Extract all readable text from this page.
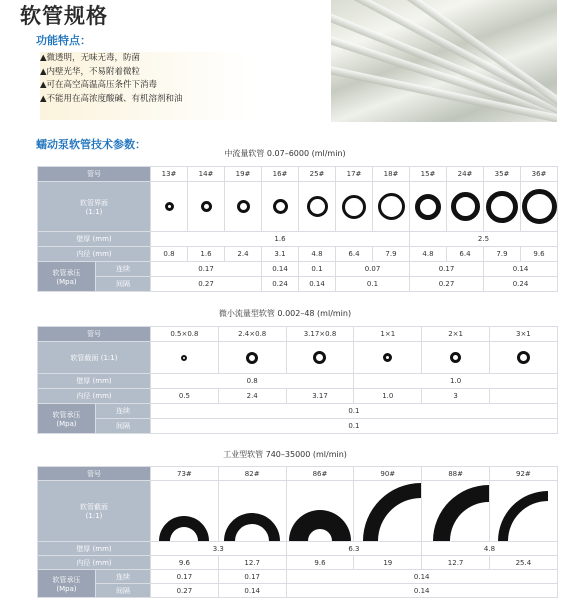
软管规格
功能特点：
▲微透明，无味无毒，防菌
▲内壁光华，不易附着微粒
▲可在高空高温高压条件下消毒
▲不能用在高浓度酸碱、有机溶剂和油
蠕动泵软管技术参数：
中流量软管 0.07–6000 (ml/min)
管号		13#	14#	19#	16#	25#	17#	18#	15#	24#	35#	36#

软管界面
(1:1)												

壁厚 (mm)		1.6							2.5			
内径 (mm)		0.8	1.6	2.4	3.1	4.8	6.4	7.9	4.8	6.4	7.9	9.6

软管承压
(Mpa)	连续	0.17			0.14	0.1	0.07		0.17		0.14	
	间隔	0.27			0.24	0.14	0.1		0.27		0.24	
微小流量型软管 0.002–48 (ml/min)
管号		0.5×0.8	2.4×0.8	3.17×0.8	1×1	2×1	3×1
软管截面 (1:1)							
壁厚 (mm)		0.8			1.0		
内径 (mm)		0.5	2.4	3.17	1.0	3	

软管承压
(Mpa)	连续	0.1					
	间隔	0.1					
工业型软管 740–35000 (ml/min)
管号		73#	82#	86#	90#	88#	92#

软管截面
(1:1)

壁厚 (mm)		3.3		6.3		4.8	
内径 (mm)		9.6	12.7	9.6	19	12.7	25.4

软管承压
(Mpa)	连续	0.17	0.17	0.14			
	间隔	0.27	0.14	0.14			
